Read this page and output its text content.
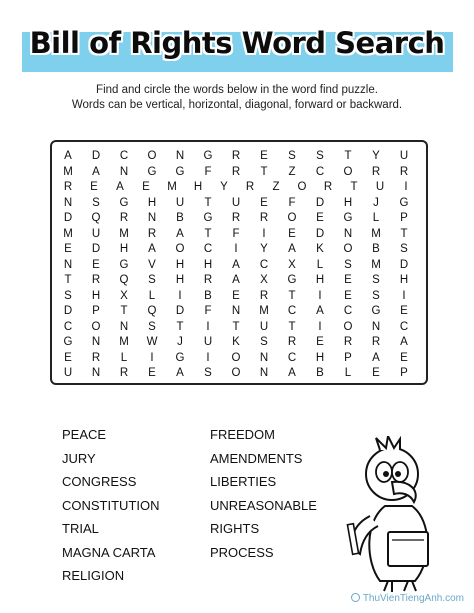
Bill of Rights Word Search
Find and circle the words below in the word find puzzle.
Words can be vertical, horizontal, diagonal, forward or backward.
A	D	C	O	N	G	R	E	S	S	T	Y	U
M	A	N	G	G	F	R	T	Z	C	O	R	R
R	E	A	E	M	H	Y	R	Z	O	R	T	U	I
N	S	G	H	U	T	U	E	F	D	H	J	G
D	Q	R	N	B	G	R	R	O	E	G	L	P
M	U	M	R	A	T	F	I	E	D	N	M	T
E	D	H	A	O	C	I	Y	A	K	O	B	S
N	E	G	V	H	H	A	C	X	L	S	M	D
T	R	Q	S	H	R	A	X	G	H	E	S	H
S	H	X	L	I	B	E	R	T	I	E	S	I
D	P	T	Q	D	F	N	M	C	A	C	G	E
C	O	N	S	T	I	T	U	T	I	O	N	C
G	N	M	W	J	U	K	S	R	E	R	R	A
E	R	L	I	G	I	O	N	C	H	P	A	E
U	N	R	E	A	S	O	N	A	B	L	E	P
PEACE
JURY
CONGRESS
CONSTITUTION
TRIAL
MAGNA CARTA
RELIGION
FREEDOM
AMENDMENTS
LIBERTIES
UNREASONABLE
RIGHTS
PROCESS
ThuVienTiengAnh.com
